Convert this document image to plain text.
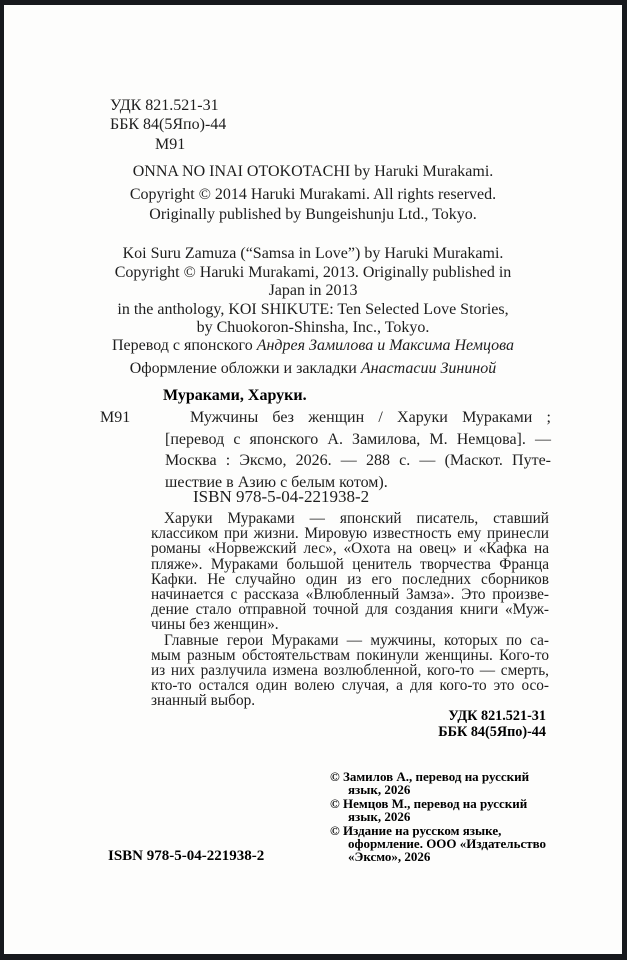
УДК 821.521-31
ББК 84(5Япо)-44
М91
ONNA NO INAI OTOKOTACHI by Haruki Murakami.
Copyright © 2014 Haruki Murakami. All rights reserved.
Originally published by Bungeishunju Ltd., Tokyo.
Koi Suru Zamuza (“Samsa in Love”) by Haruki Murakami.
Copyright © Haruki Murakami, 2013. Originally published in
Japan in 2013
in the anthology, KOI SHIKUTE: Ten Selected Love Stories,
by Chuokoron-Shinsha, Inc., Tokyo.
Перевод с японского Андрея Замилова и Максима Немцова
Оформление обложки и закладки Анастасии Зининой
Мураками, Харуки.
М91	Мужчины без женщин / Харуки Мураками ;
[перевод с японского А. Замилова, М. Немцова]. —
Москва : Эксмо, 2026. — 288 с. — (Маскот. Путе-
шествие в Азию с белым котом).
ISBN 978-5-04-221938-2
Харуки Мураками — японский писатель, ставший
классиком при жизни. Мировую известность ему принесли
романы «Норвежский лес», «Охота на овец» и «Кафка на
пляже». Мураками большой ценитель творчества Франца
Кафки. Не случайно один из его последних сборников
начинается с рассказа «Влюбленный Замза». Это произве-
дение стало отправной точной для создания книги «Муж-
чины без женщин».
Главные герои Мураками — мужчины, которых по са-
мым разным обстоятельствам покинули женщины. Кого-то
из них разлучила измена возлюбленной, кого-то — смерть,
кто-то остался один волею случая, а для кого-то это осо-
знанный выбор.
УДК 821.521-31
ББК 84(5Япо)-44
© Замилов А., перевод на русский
язык, 2026
© Немцов М., перевод на русский
язык, 2026
© Издание на русском языке,
оформление. ООО «Издательство
«Эксмо», 2026
ISBN 978-5-04-221938-2
